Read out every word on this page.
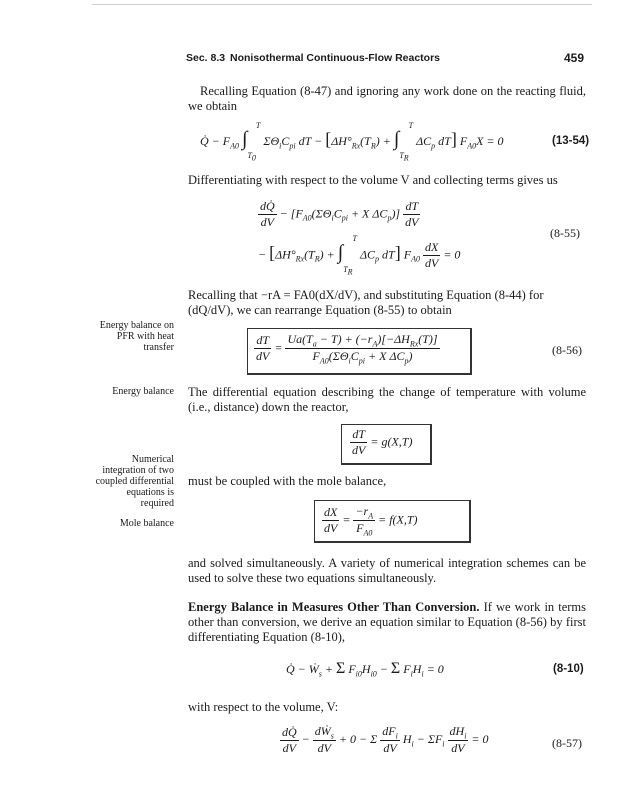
Sec. 8.3 Nonisothermal Continuous-Flow Reactors	459
Recalling Equation (8-47) and ignoring any work done on the reacting fluid, we obtain
Q̇ − $F_{A0}$ $\int_{T_0}^T$ $\Sigma\Theta_iC_{pi}$ dT − [$\Delta H^\circ_{Rx}(T_R) + \int_{T_R}^T$ $\Delta C_p$ dT] $F_{A0}X = 0$	(13-54)
Differentiating with respect to the volume V and collecting terms gives us
$\frac{dQ̇}{dV} - [F_{A0}(\Sigma\Theta_iC_{pi} + X$ $\Delta C_p)] \frac{dT}{dV}$
(8-55)
− [$\Delta H^\circ_{Rx}(T_R) + \int_{T_R}^T$ $\Delta C_p$ dT] $F_{A0} \frac{dX}{dV} = 0$
Recalling that −rA = FA0(dX/dV), and substituting Equation (8-44) for
(dQ/dV), we can rearrange Equation (8-55) to obtain
Energy balance on
PFR with heat
transfer	$\frac{dT}{dV} = \frac{Ua(T_a - T) + (-r_A)[-\Delta H_{Rx}(T)]}{F_{A0}(\Sigma\Theta_iC_{pi} + X \Delta C_p)}$	(8-56)
Energy balance The differential equation describing the change of temperature with volume (i.e., distance) down the reactor,
$\frac{dT}{dV} = g(X,T)$
Numerical
integration of two
coupled differential
equations is
required
must be coupled with the mole balance,
Mole balance	$\frac{dX}{dV} = \frac{-r_A}{F_{A0}} = f(X,T)$
and solved simultaneously. A variety of numerical integration schemes can be used to solve these two equations simultaneously.
Energy Balance in Measures Other Than Conversion. If we work in terms other than conversion, we derive an equation similar to Equation (8-56) by first differentiating Equation (8-10),
Q̇ − Ẇ$_s$ + Σ $F_{i0}H_{i0} - \Sigma$ $F_iH_i = 0$	(8-10)
with respect to the volume, V:
$\frac{dQ̇}{dV} - \frac{dẆ_s}{dV} + 0 - \Sigma \frac{dF_i}{dV} H_i - \Sigma F_i \frac{dH_i}{dV} = 0$	(8-57)
